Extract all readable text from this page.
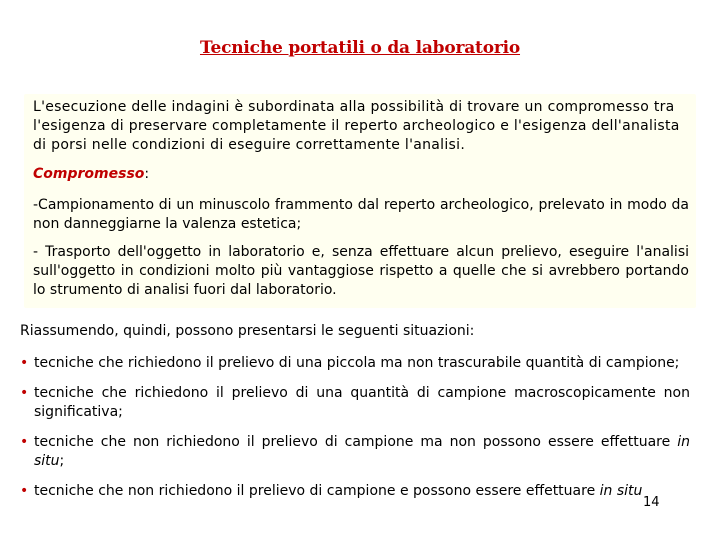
Tecniche portatili o da laboratorio

L'esecuzione delle indagini è subordinata alla possibilità di trovare un compromesso tra l'esigenza di preservare completamente il reperto archeologico e l'esigenza dell'analista di porsi nelle condizioni di eseguire correttamente l'analisi.

Compromesso:

-Campionamento di un minuscolo frammento dal reperto archeologico, prelevato in modo da non danneggiarne la valenza estetica;

- Trasporto dell'oggetto in laboratorio e, senza effettuare alcun prelievo, eseguire l'analisi sull'oggetto in condizioni molto più vantaggiose rispetto a quelle che si avrebbero portando lo strumento di analisi fuori dal laboratorio.

Riassumendo, quindi, possono presentarsi le seguenti situazioni:

• tecniche che richiedono il prelievo di una piccola ma non trascurabile quantità di campione;
• tecniche che richiedono il prelievo di una quantità di campione macroscopicamente non significativa;
• tecniche che non richiedono il prelievo di campione ma non possono essere effettuare in situ;
• tecniche che non richiedono il prelievo di campione e possono essere effettuare in situ
14
